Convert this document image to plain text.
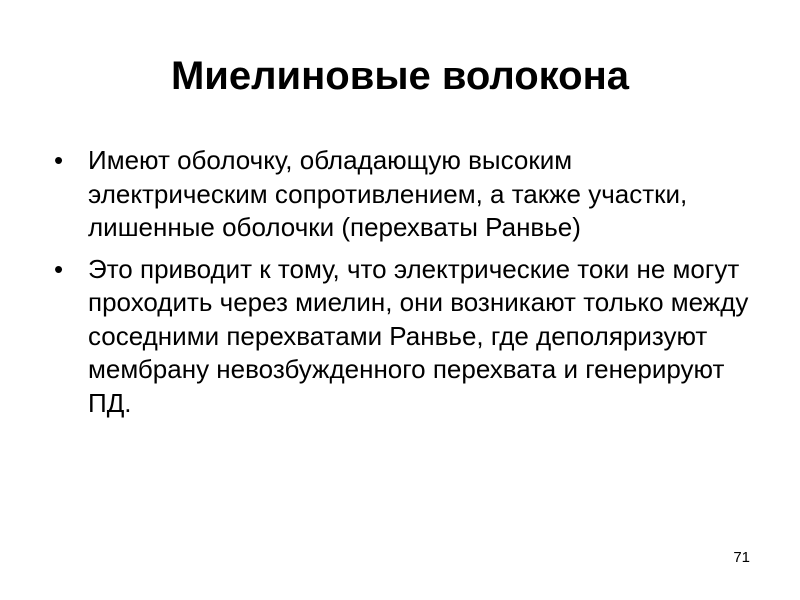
Миелиновые волокона
• Имеют оболочку, обладающую высоким электрическим сопротивлением, а также участки, лишенные оболочки (перехваты Ранвье)
• Это приводит к тому, что электрические токи не могут проходить через миелин, они возникают только между соседними перехватами Ранвье, где деполяризуют мембрану невозбужденного перехвата и генерируют ПД.
71
